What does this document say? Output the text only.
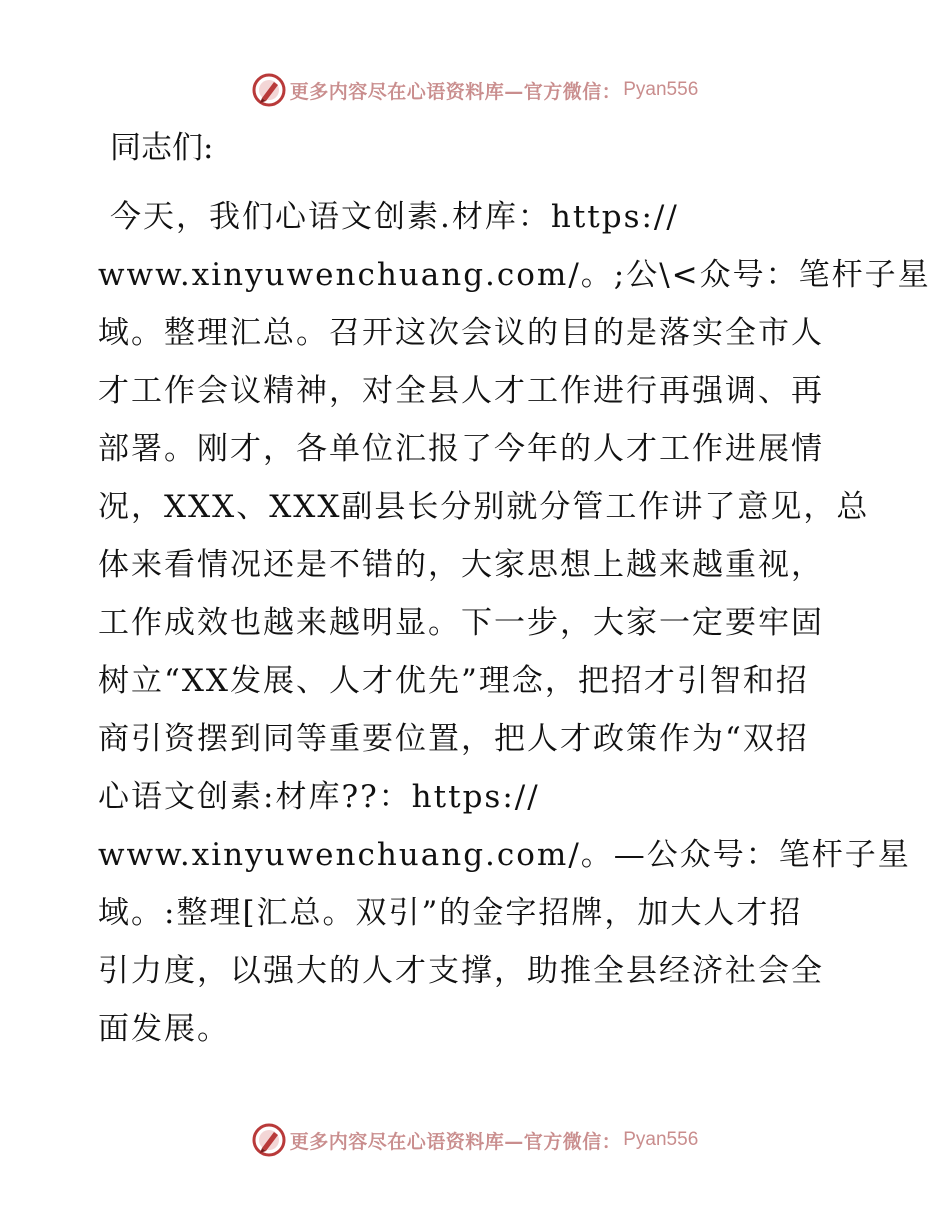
更多内容尽在心语资料库—官方微信： Pyan556
同志们:
今天，我们心语文创素.材库：https://
www.xinyuwenchuang.com/。;公\<众号：笔杆子星
域。整理汇总。召开这次会议的目的是落实全市人
才工作会议精神，对全县人才工作进行再强调、再
部署。刚才，各单位汇报了今年的人才工作进展情
况，XXX、XXX副县长分别就分管工作讲了意见，总
体来看情况还是不错的，大家思想上越来越重视，
工作成效也越来越明显。下一步，大家一定要牢固
树立“XX发展、人才优先”理念，把招才引智和招
商引资摆到同等重要位置，把人才政策作为“双招
心语文创素:材库??：https://
www.xinyuwenchuang.com/。—公众号：笔杆子星
域。:整理[汇总。双引”的金字招牌，加大人才招
引力度，以强大的人才支撑，助推全县经济社会全
面发展。
更多内容尽在心语资料库—官方微信： Pyan556
